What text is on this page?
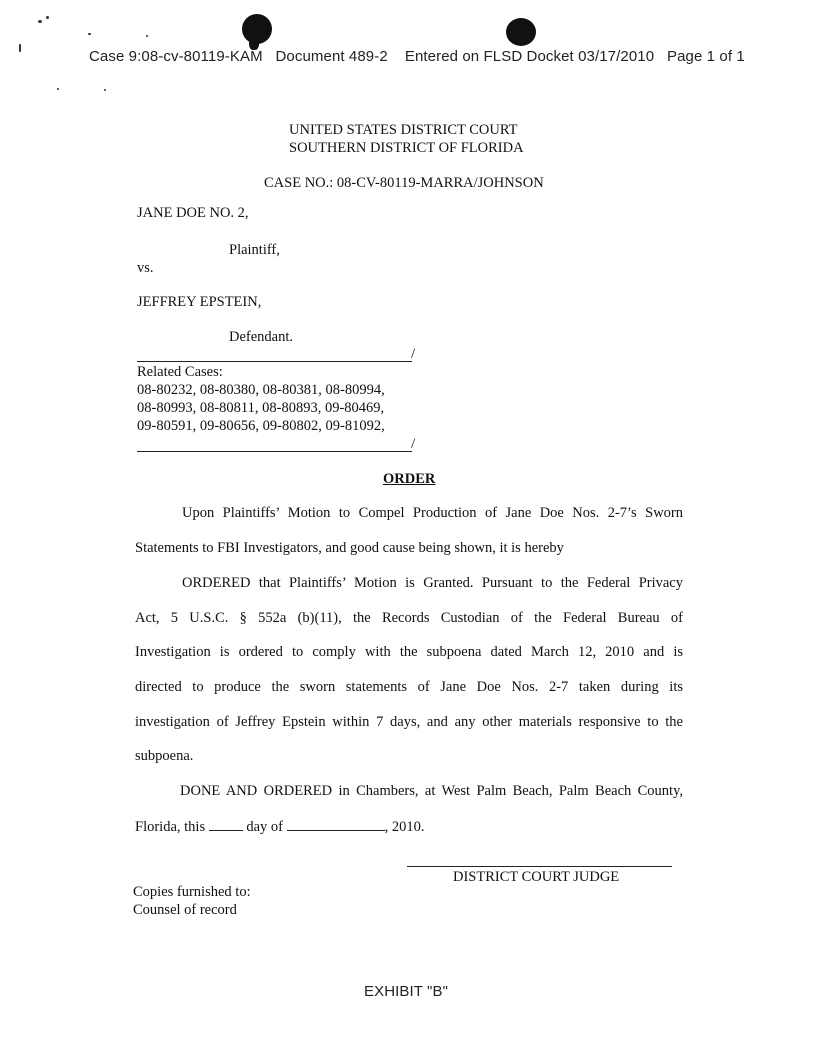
Case 9:08-cv-80119-KAM Document 489-2 Entered on FLSD Docket 03/17/2010 Page 1 of 1
UNITED STATES DISTRICT COURT
SOUTHERN DISTRICT OF FLORIDA
CASE NO.: 08-CV-80119-MARRA/JOHNSON
JANE DOE NO. 2,
Plaintiff,
vs.
JEFFREY EPSTEIN,
Defendant.
/
Related Cases:
08-80232, 08-80380, 08-80381, 08-80994,
08-80993, 08-80811, 08-80893, 09-80469,
09-80591, 09-80656, 09-80802, 09-81092,
/
ORDER
Upon Plaintiffs’ Motion to Compel Production of Jane Doe Nos. 2-7’s Sworn
Statements to FBI Investigators, and good cause being shown, it is hereby
ORDERED that Plaintiffs’ Motion is Granted. Pursuant to the Federal Privacy
Act, 5 U.S.C. § 552a (b)(11), the Records Custodian of the Federal Bureau of
Investigation is ordered to comply with the subpoena dated March 12, 2010 and is
directed to produce the sworn statements of Jane Doe Nos. 2-7 taken during its
investigation of Jeffrey Epstein within 7 days, and any other materials responsive to the
subpoena.
DONE AND ORDERED in Chambers, at West Palm Beach, Palm Beach County,
Florida, this	day of	, 2010.
DISTRICT COURT JUDGE
Copies furnished to:
Counsel of record
EXHIBIT "B"
